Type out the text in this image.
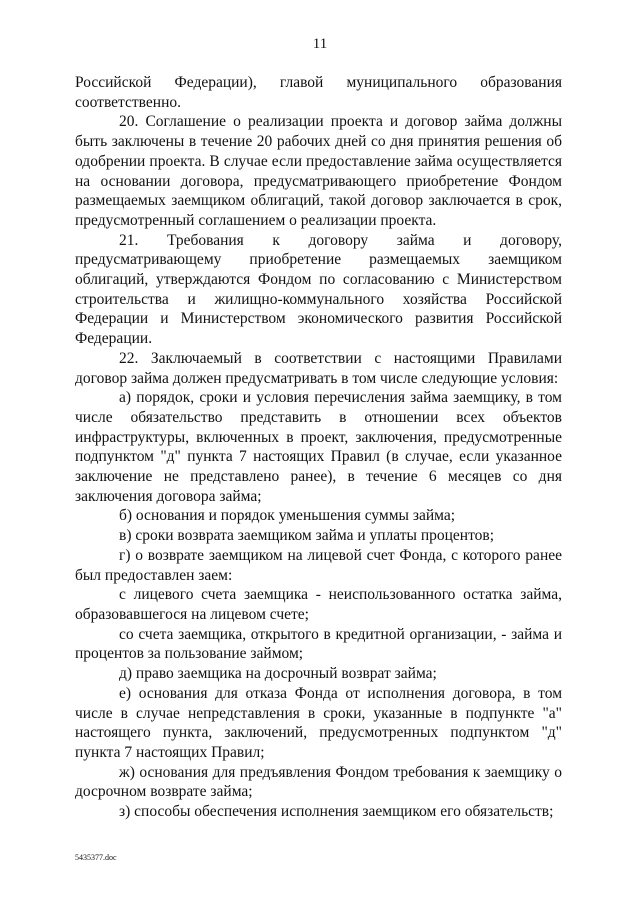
11

Российской Федерации), главой муниципального образования соответственно.

20. Соглашение о реализации проекта и договор займа должны быть заключены в течение 20 рабочих дней со дня принятия решения об одобрении проекта. В случае если предоставление займа осуществляется на основании договора, предусматривающего приобретение Фондом размещаемых заемщиком облигаций, такой договор заключается в срок, предусмотренный соглашением о реализации проекта.

21. Требования к договору займа и договору, предусматривающему приобретение размещаемых заемщиком облигаций, утверждаются Фондом по согласованию с Министерством строительства и жилищно-коммунального хозяйства Российской Федерации и Министерством экономического развития Российской Федерации.

22. Заключаемый в соответствии с настоящими Правилами договор займа должен предусматривать в том числе следующие условия:

а) порядок, сроки и условия перечисления займа заемщику, в том числе обязательство представить в отношении всех объектов инфраструктуры, включенных в проект, заключения, предусмотренные подпунктом "д" пункта 7 настоящих Правил (в случае, если указанное заключение не представлено ранее), в течение 6 месяцев со дня заключения договора займа;

б) основания и порядок уменьшения суммы займа;

в) сроки возврата заемщиком займа и уплаты процентов;

г) о возврате заемщиком на лицевой счет Фонда, с которого ранее был предоставлен заем:

с лицевого счета заемщика - неиспользованного остатка займа, образовавшегося на лицевом счете;

со счета заемщика, открытого в кредитной организации, - займа и процентов за пользование займом;

д) право заемщика на досрочный возврат займа;

е) основания для отказа Фонда от исполнения договора, в том числе в случае непредставления в сроки, указанные в подпункте "а" настоящего пункта, заключений, предусмотренных подпунктом "д" пункта 7 настоящих Правил;

ж) основания для предъявления Фондом требования к заемщику о досрочном возврате займа;

з) способы обеспечения исполнения заемщиком его обязательств;

5435377.doc
